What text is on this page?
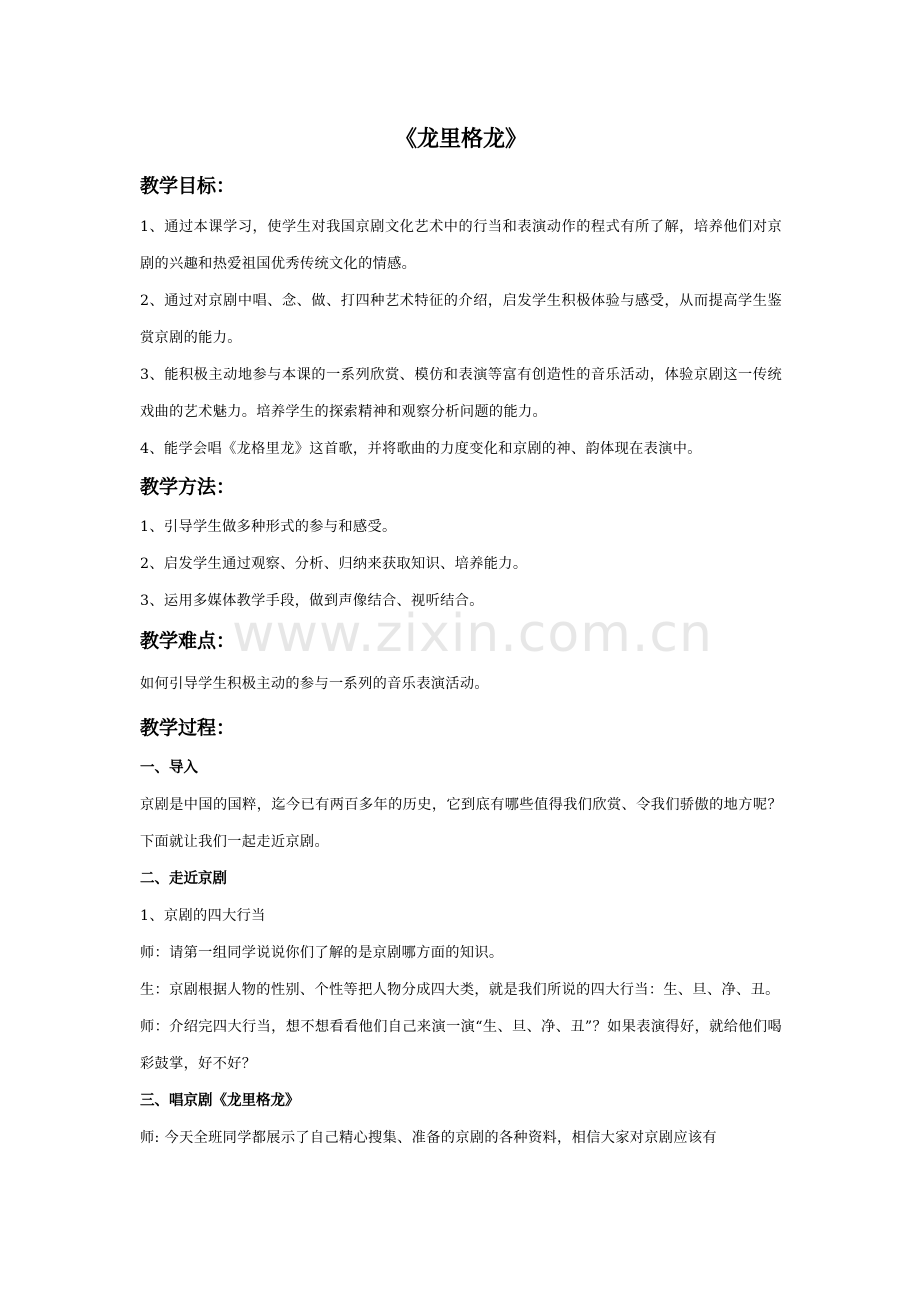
《龙里格龙》
教学目标：

1、通过本课学习，使学生对我国京剧文化艺术中的行当和表演动作的程式有所了解，培养他们对京剧的兴趣和热爱祖国优秀传统文化的情感。

2、通过对京剧中唱、念、做、打四种艺术特征的介绍，启发学生积极体验与感受，从而提高学生鉴赏京剧的能力。

3、能积极主动地参与本课的一系列欣赏、模仿和表演等富有创造性的音乐活动，体验京剧这一传统戏曲的艺术魅力。培养学生的探索精神和观察分析问题的能力。

4、能学会唱《龙格里龙》这首歌，并将歌曲的力度变化和京剧的神、韵体现在表演中。

教学方法：

1、引导学生做多种形式的参与和感受。

2、启发学生通过观察、分析、归纳来获取知识、培养能力。

3、运用多媒体教学手段，做到声像结合、视听结合。

教学难点：

如何引导学生积极主动的参与一系列的音乐表演活动。

教学过程：

一、导入

京剧是中国的国粹，迄今已有两百多年的历史，它到底有哪些值得我们欣赏、令我们骄傲的地方呢？下面就让我们一起走近京剧。

二、走近京剧

1、京剧的四大行当

师：请第一组同学说说你们了解的是京剧哪方面的知识。

生：京剧根据人物的性别、个性等把人物分成四大类，就是我们所说的四大行当：生、旦、净、丑。

师：介绍完四大行当，想不想看看他们自己来演一演“生、旦、净、丑”？如果表演得好，就给他们喝彩鼓掌，好不好？

三、唱京剧《龙里格龙》

师: 今天全班同学都展示了自己精心搜集、准备的京剧的各种资料，相信大家对京剧应该有

www.zixin.com.cn
